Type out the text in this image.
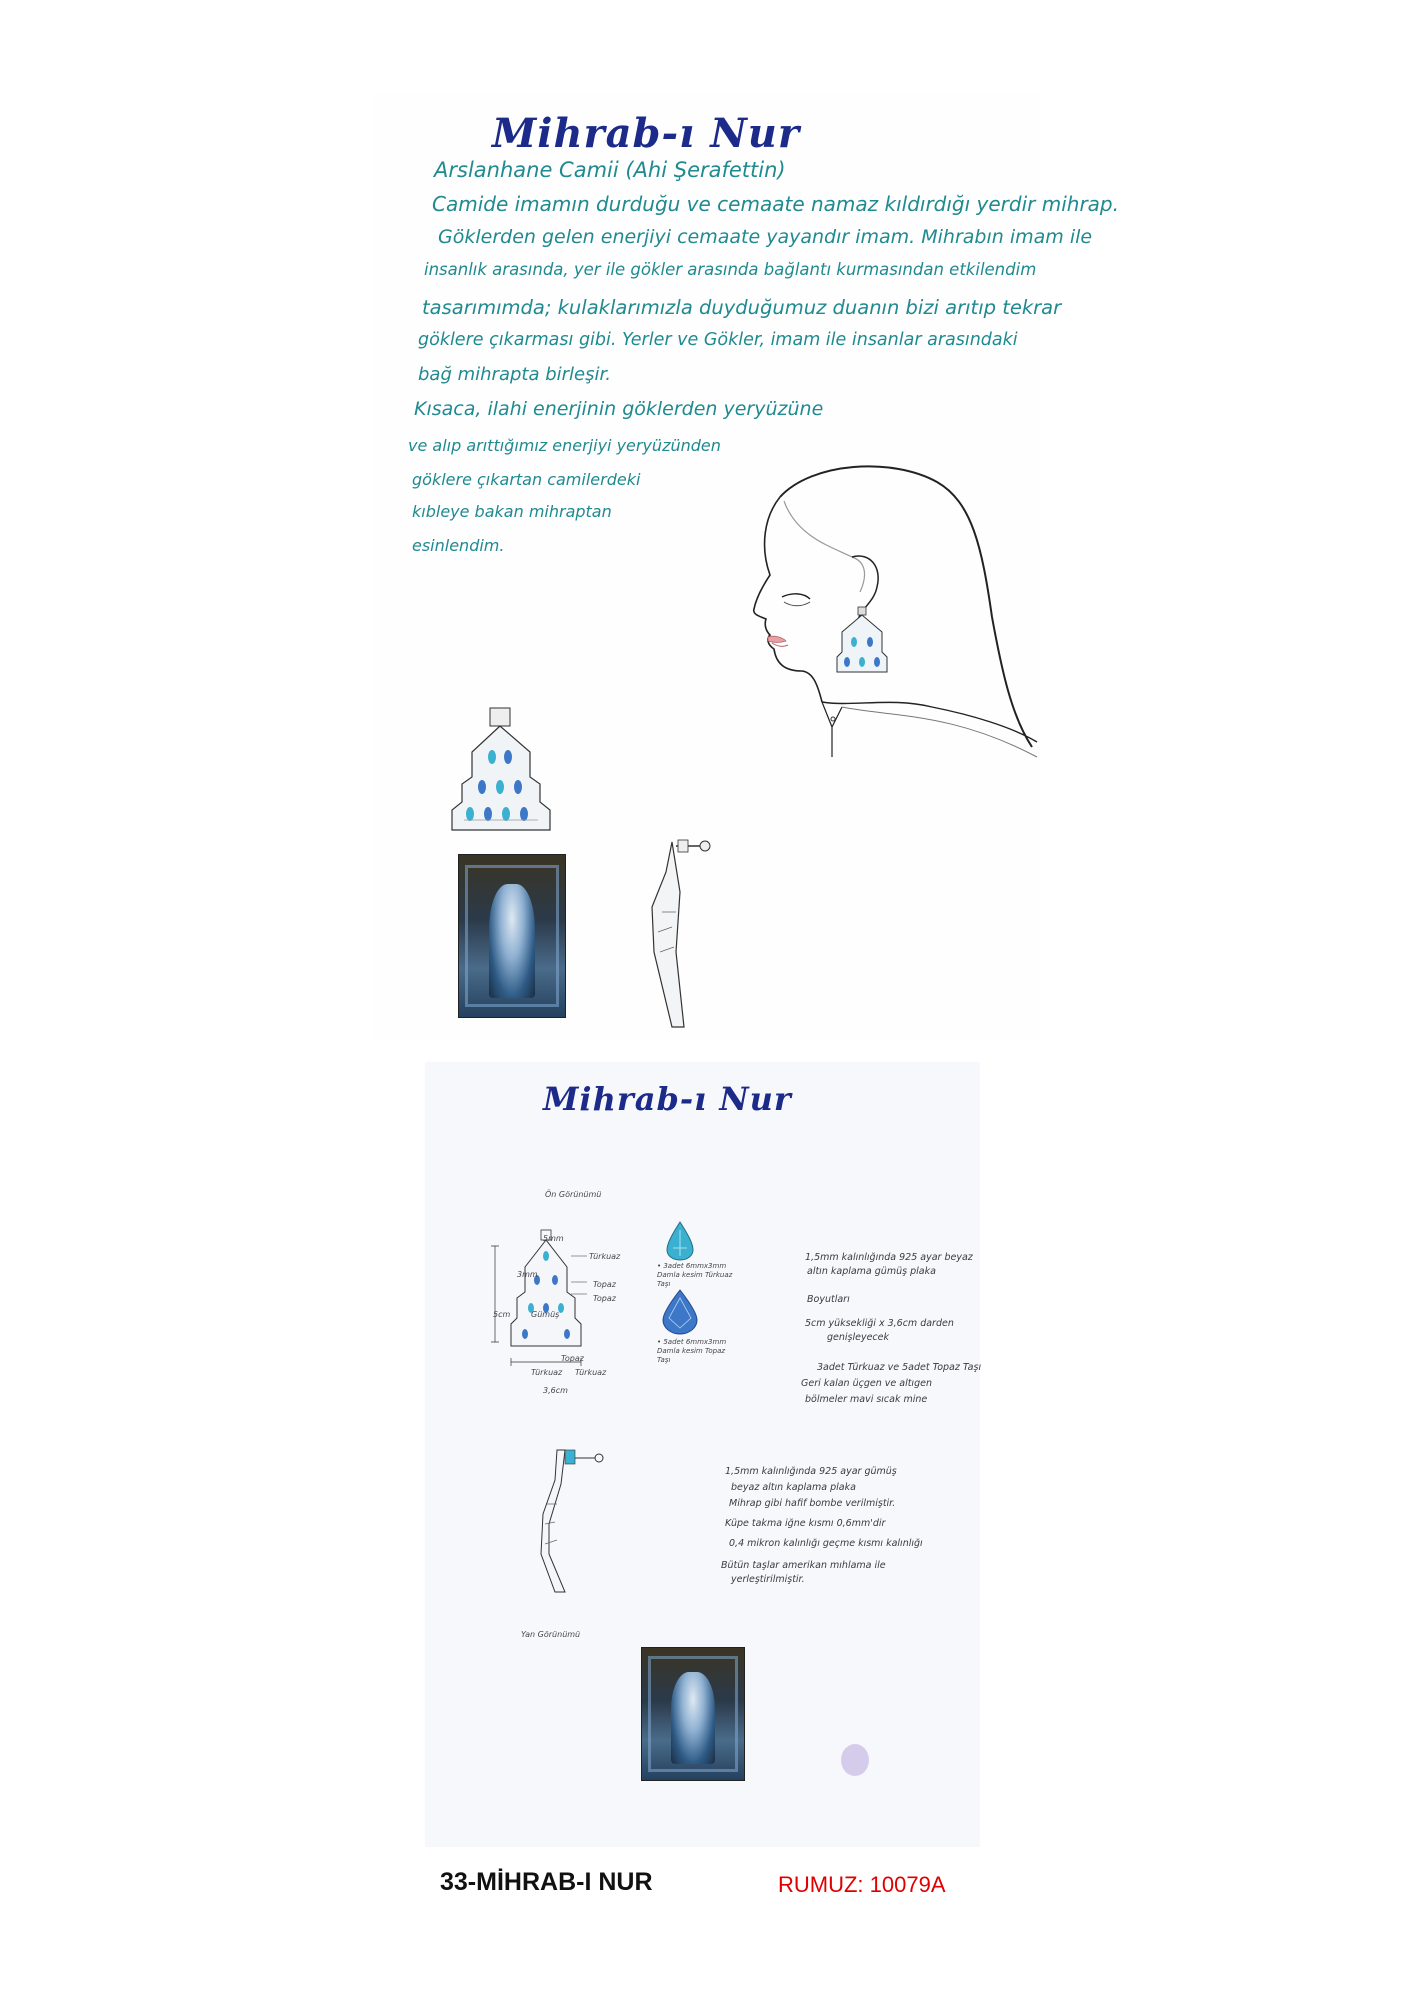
Mihrab-ı Nur
Arslanhane Camii (Ahi Şerafettin)
Camide imamın durduğu ve cemaate namaz kıldırdığı yerdir mihrap.
Göklerden gelen enerjiyi cemaate yayandır imam. Mihrabın imam ile
insanlık arasında, yer ile gökler arasında bağlantı kurmasından etkilendim
tasarımımda; kulaklarımızla duyduğumuz duanın bizi arıtıp tekrar
göklere çıkarması gibi. Yerler ve Gökler, imam ile insanlar arasındaki
bağ mihrapta birleşir.
Kısaca, ilahi enerjinin göklerden yeryüzüne
ve alıp arıttığımız enerjiyi yeryüzünden
göklere çıkartan camilerdeki
kıbleye bakan mihraptan
esinlendim.
Mihrab-ı Nur
Ön Görünümü
5mm
3mm
5cm	Gümüş
Türkuaz
Topaz
Topaz
Topaz
Türkuaz Türkuaz
3,6cm
• 3adet 6mmx3mm Damla kesim Türkuaz Taşı
• 5adet 6mmx3mm Damla kesim Topaz Taşı
1,5mm kalınlığında 925 ayar beyaz
altın kaplama gümüş plaka
Boyutları
5cm yüksekliği x 3,6cm darden
genişleyecek
3adet Türkuaz ve 5adet Topaz Taşı
Geri kalan üçgen ve altıgen
bölmeler mavi sıcak mine
1,5mm kalınlığında 925 ayar gümüş
beyaz altın kaplama plaka
Mihrap gibi hafif bombe verilmiştir.
Küpe takma iğne kısmı 0,6mm'dir
0,4 mikron kalınlığı geçme kısmı kalınlığı
Bütün taşlar amerikan mıhlama ile
yerleştirilmiştir.
Yan Görünümü
33-MİHRAB-I NUR	RUMUZ: 10079A
